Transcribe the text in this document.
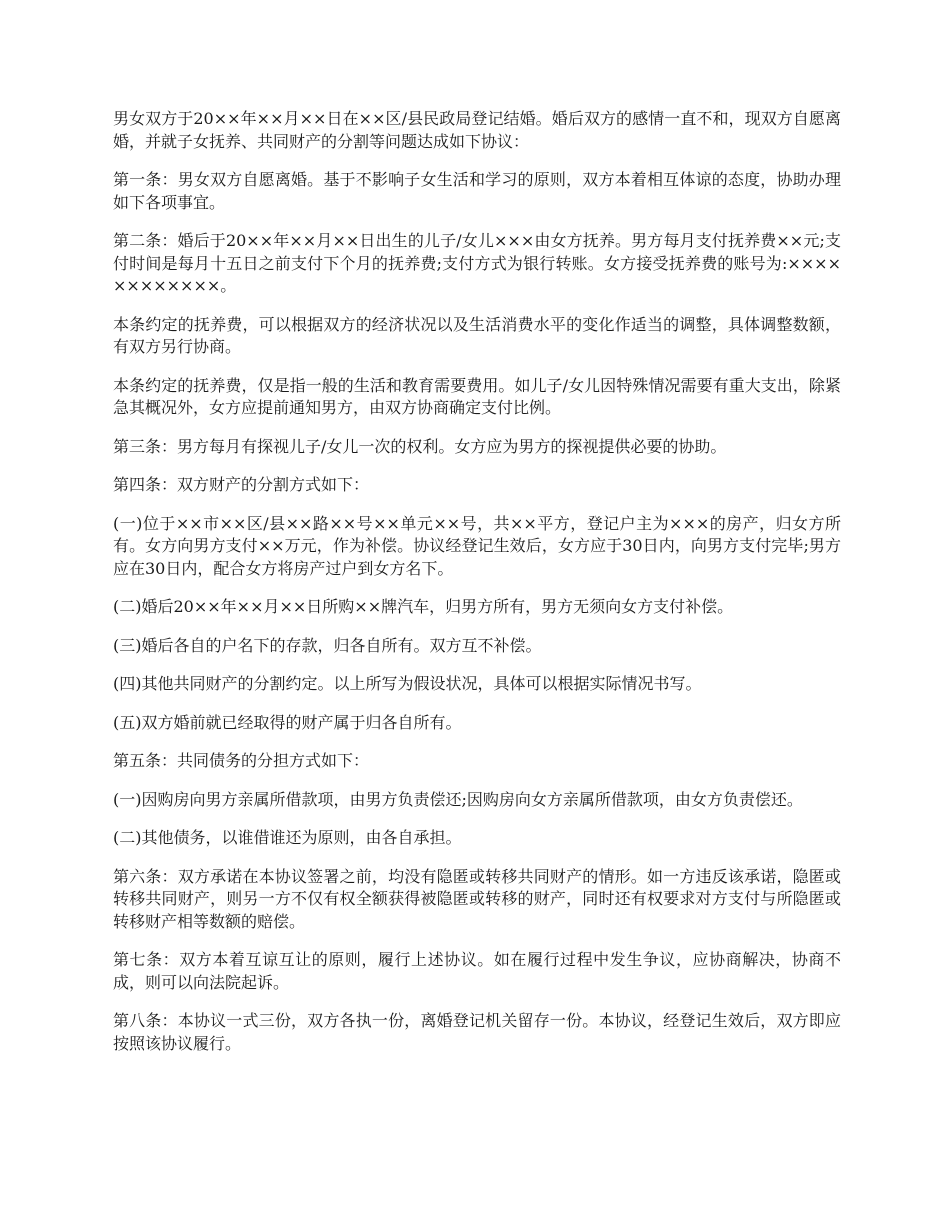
男女双方于20××年××月××日在××区/县民政局登记结婚。婚后双方的感情一直不和，现双方自愿离婚，并就子女抚养、共同财产的分割等问题达成如下协议：

第一条：男女双方自愿离婚。基于不影响子女生活和学习的原则，双方本着相互体谅的态度，协助办理如下各项事宜。

第二条：婚后于20××年××月××日出生的儿子/女儿×××由女方抚养。男方每月支付抚养费××元;支付时间是每月十五日之前支付下个月的抚养费;支付方式为银行转账。女方接受抚养费的账号为:××××××××××××。

本条约定的抚养费，可以根据双方的经济状况以及生活消费水平的变化作适当的调整，具体调整数额，有双方另行协商。

本条约定的抚养费，仅是指一般的生活和教育需要费用。如儿子/女儿因特殊情况需要有重大支出，除紧急其概况外，女方应提前通知男方，由双方协商确定支付比例。

第三条：男方每月有探视儿子/女儿一次的权利。女方应为男方的探视提供必要的协助。

第四条：双方财产的分割方式如下：

(一)位于××市××区/县××路××号××单元××号，共××平方，登记户主为×××的房产，归女方所有。女方向男方支付××万元，作为补偿。协议经登记生效后，女方应于30日内，向男方支付完毕;男方应在30日内，配合女方将房产过户到女方名下。

(二)婚后20××年××月××日所购××牌汽车，归男方所有，男方无须向女方支付补偿。

(三)婚后各自的户名下的存款，归各自所有。双方互不补偿。

(四)其他共同财产的分割约定。以上所写为假设状况，具体可以根据实际情况书写。

(五)双方婚前就已经取得的财产属于归各自所有。

第五条：共同债务的分担方式如下：

(一)因购房向男方亲属所借款项，由男方负责偿还;因购房向女方亲属所借款项，由女方负责偿还。

(二)其他债务，以谁借谁还为原则，由各自承担。

第六条：双方承诺在本协议签署之前，均没有隐匿或转移共同财产的情形。如一方违反该承诺，隐匿或转移共同财产，则另一方不仅有权全额获得被隐匿或转移的财产，同时还有权要求对方支付与所隐匿或转移财产相等数额的赔偿。

第七条：双方本着互谅互让的原则，履行上述协议。如在履行过程中发生争议，应协商解决，协商不成，则可以向法院起诉。

第八条：本协议一式三份，双方各执一份，离婚登记机关留存一份。本协议，经登记生效后，双方即应按照该协议履行。
